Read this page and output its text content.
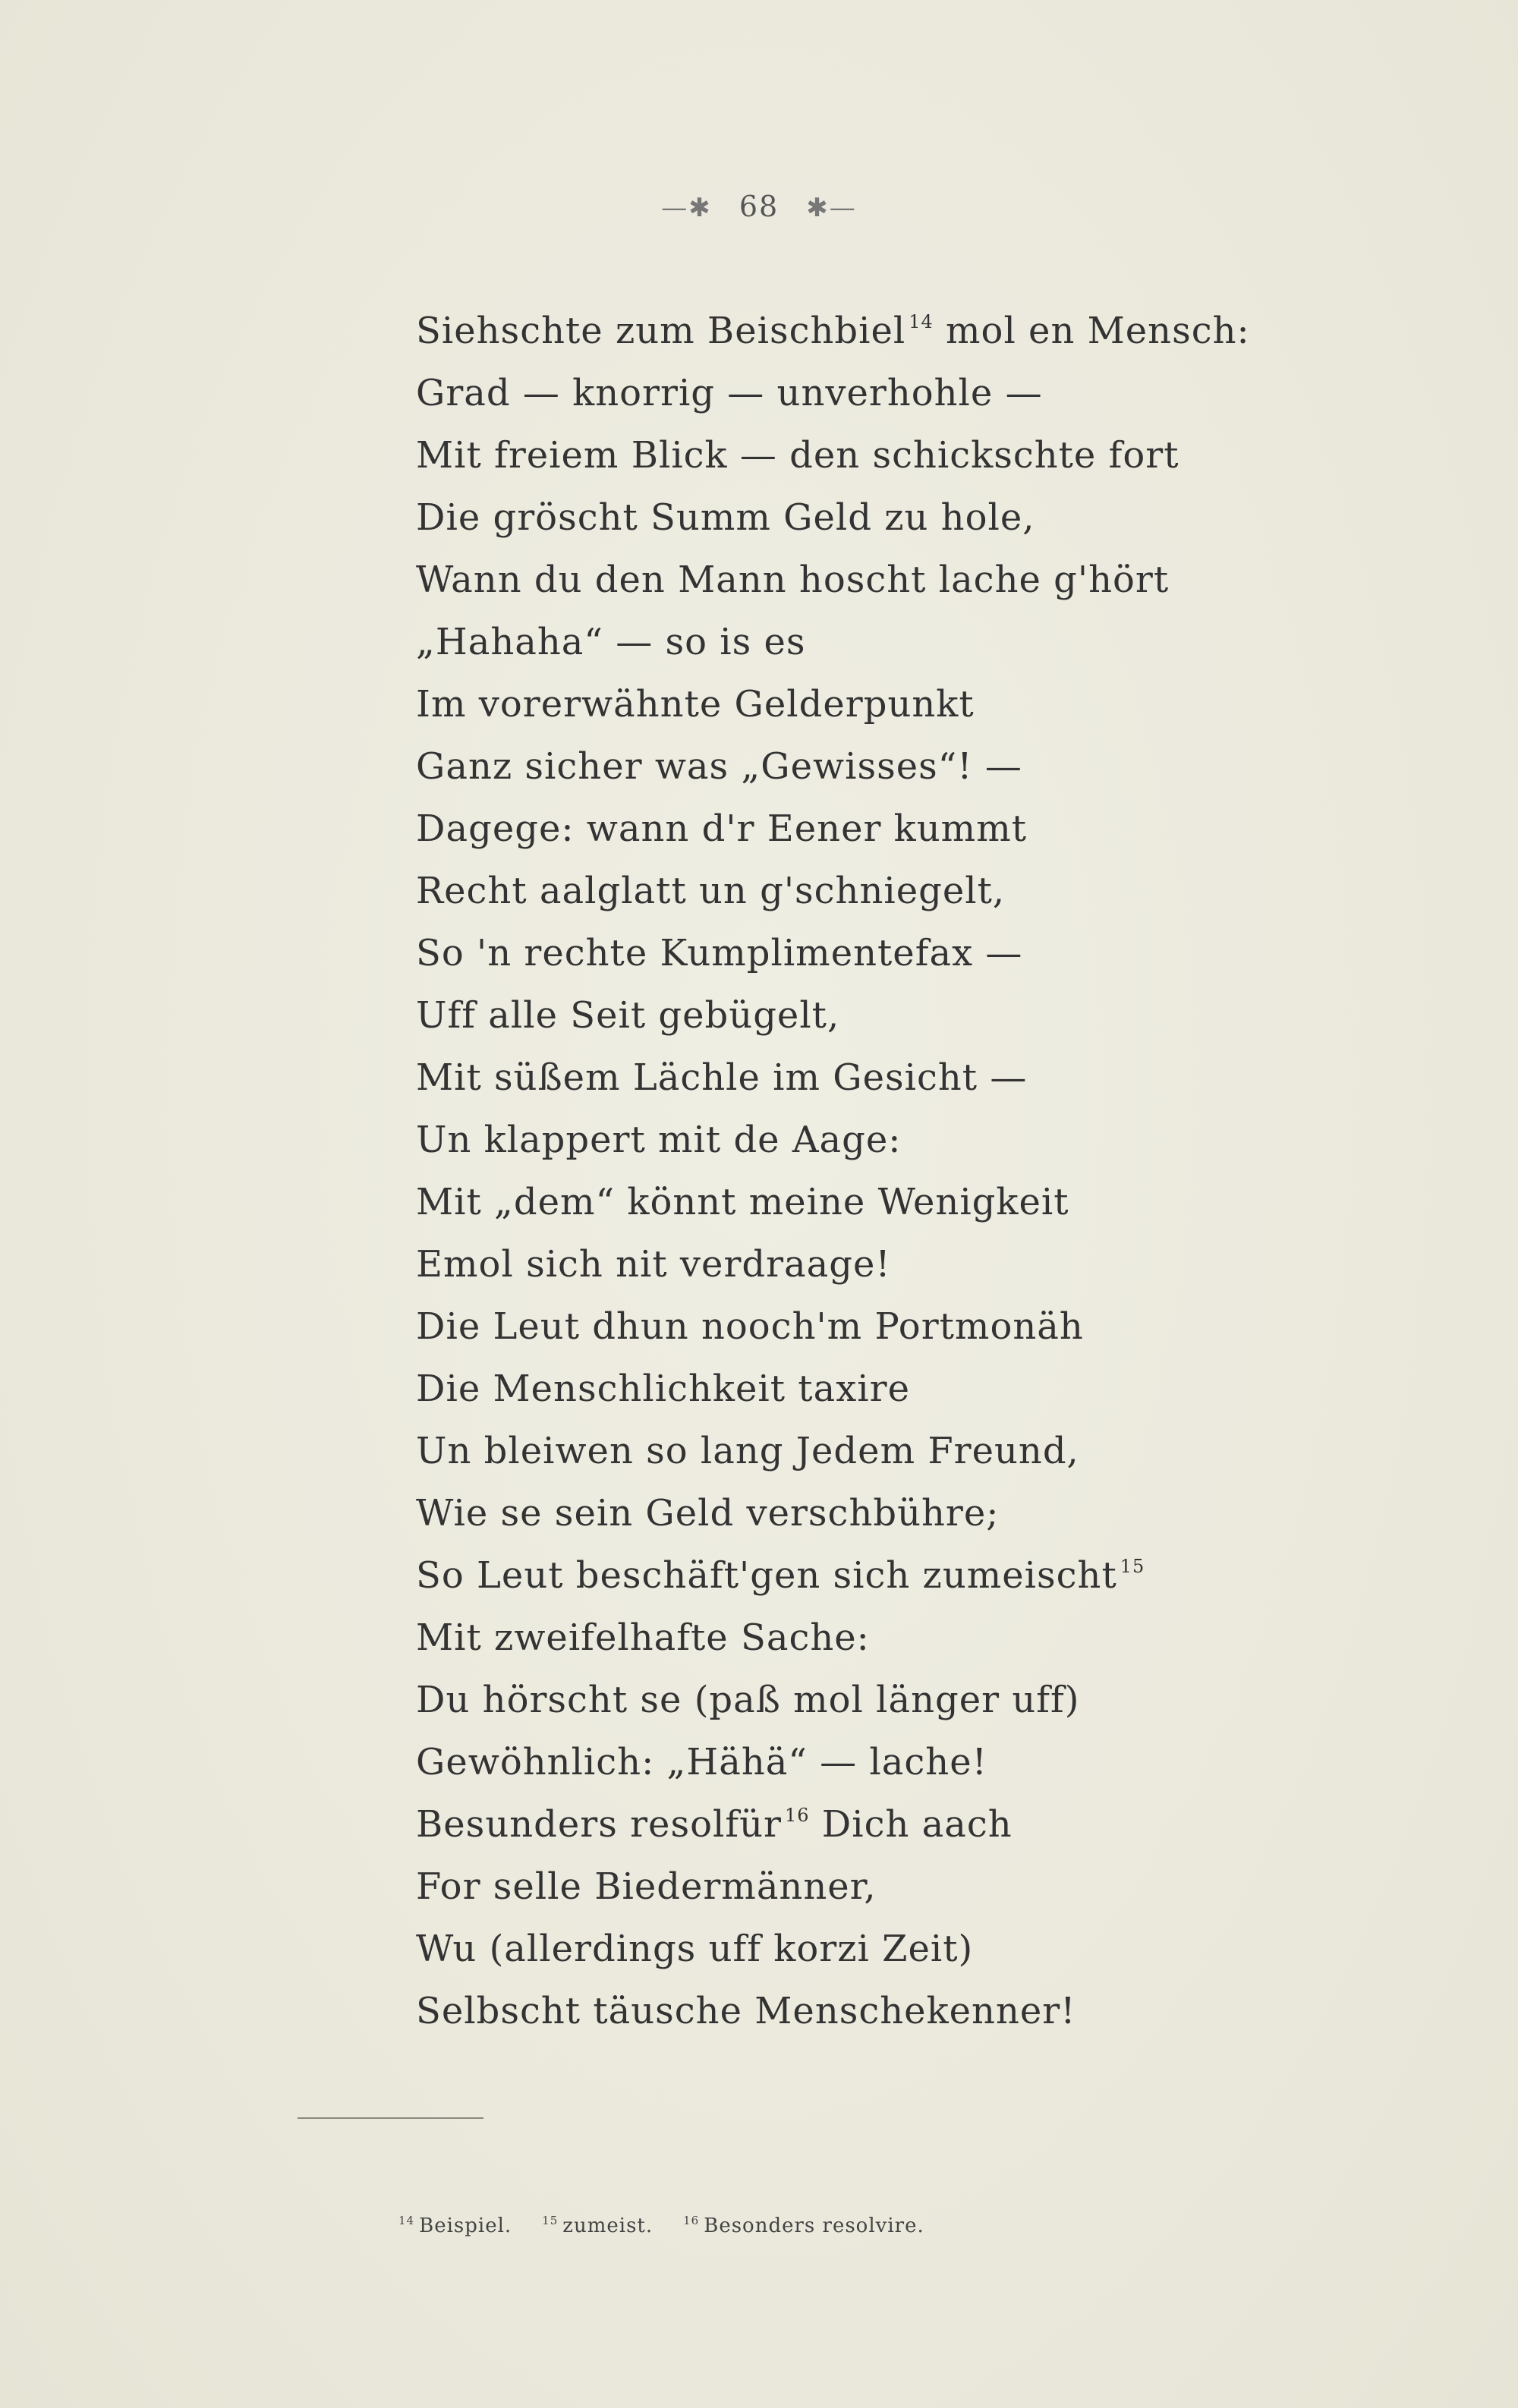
—✱ 68 ✱—
Siehschte zum Beischbiel $^{14}$ mol en Mensch:
Grad — knorrig — unverhohle —
Mit freiem Blick — den schickschte fort
Die gröscht Summ Geld zu hole,
Wann du den Mann hoscht lache g'hört
„Hahaha“ — so is es
Im vorerwähnte Gelderpunkt
Ganz sicher was „Gewisses“! —
Dagege: wann d'r Eener kummt
Recht aalglatt un g'schniegelt,
So 'n rechte Kumplimentefax —
Uff alle Seit gebügelt,
Mit süßem Lächle im Gesicht —
Un klappert mit de Aage:
Mit „dem“ könnt meine Wenigkeit
Emol sich nit verdraage!
Die Leut dhun nooch'm Portmonäh
Die Menschlichkeit taxire
Un bleiwen so lang Jedem Freund,
Wie se sein Geld verschbühre;
So Leut beschäft'gen sich zumeischt $^{15}$
Mit zweifelhafte Sache:
Du hörscht se (paß mol länger uff)
Gewöhnlich: „Hähä“ — lache!
Besunders resolfür $^{16}$ Dich aach
For selle Biedermänner,
Wu (allerdings uff korzi Zeit)
Selbscht täusche Menschekenner!
$^{14}$ Beispiel.	$^{15}$ zumeist.	$^{16}$ Besonders resolvire.
